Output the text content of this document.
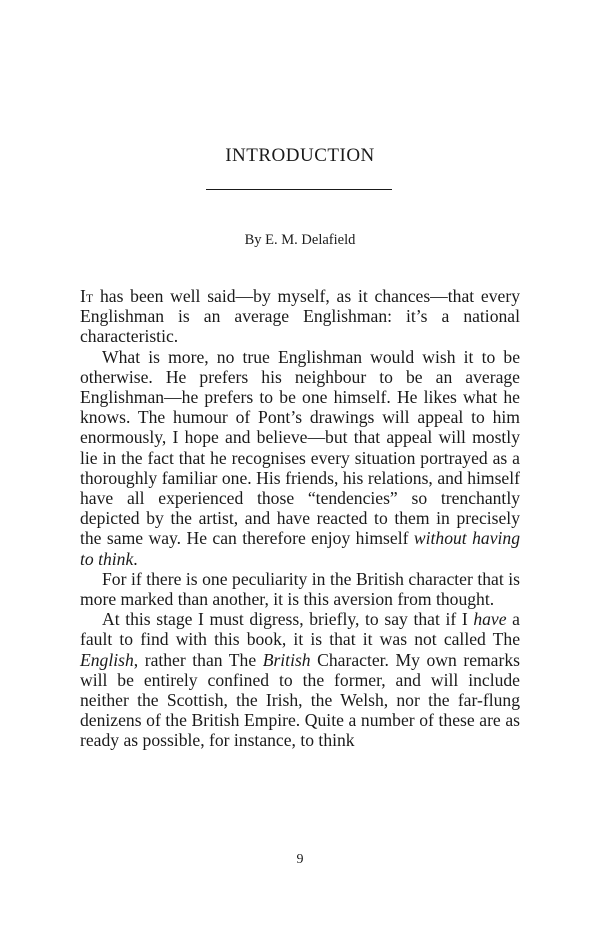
INTRODUCTION
By E. M. Delafield

It has been well said—by myself, as it chances—that every Englishman is an average Englishman: it’s a national characteristic.

What is more, no true Englishman would wish it to be otherwise. He prefers his neighbour to be an average Englishman—he prefers to be one himself. He likes what he knows. The humour of Pont’s drawings will appeal to him enormously, I hope and believe—but that appeal will mostly lie in the fact that he recognises every situation portrayed as a thoroughly familiar one. His friends, his relations, and himself have all experienced those “tendencies” so trenchantly depicted by the artist, and have reacted to them in precisely the same way. He can therefore enjoy himself without having to think.

For if there is one peculiarity in the British character that is more marked than another, it is this aversion from thought.

At this stage I must digress, briefly, to say that if I have a fault to find with this book, it is that it was not called The English, rather than The British Character. My own remarks will be entirely confined to the former, and will include neither the Scottish, the Irish, the Welsh, nor the far-flung denizens of the British Empire. Quite a number of these are as ready as possible, for instance, to think

9
